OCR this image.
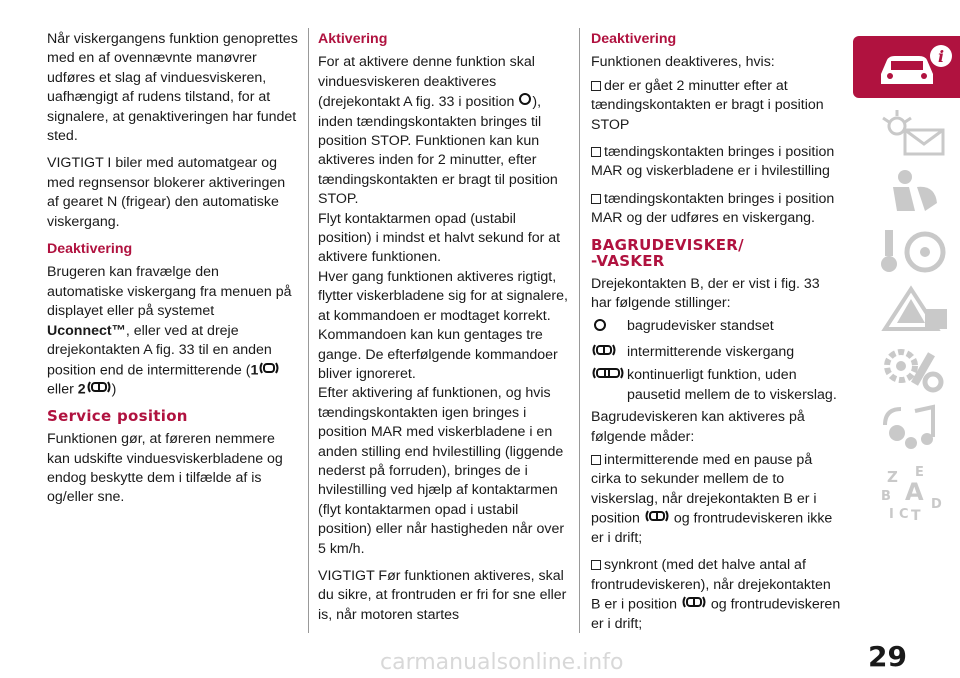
Når viskergangens funktion genoprettes med en af ovennævnte manøvrer udføres et slag af vinduesviskeren, uafhængigt af rudens tilstand, for at signalere, at genaktiveringen har fundet sted.

VIGTIGT I biler med automatgear og med regnsensor blokerer aktiveringen af gearet N (frigear) den automatiske viskergang.

Deaktivering

Brugeren kan fravælge den automatiske viskergang fra menuen på displayet eller på systemet Uconnect™, eller ved at dreje drejekontakten A fig. 33 til en anden position end de intermitterende (1
eller 2 )

Service position

Funktionen gør, at føreren nemmere kan udskifte vinduesviskerbladene og endog beskytte dem i tilfælde af is og/eller sne.

Aktivering

For at aktivere denne funktion skal vinduesviskeren deaktiveres (drejekontakt A fig. 33 i position ), inden tændingskontakten bringes til position STOP. Funktionen kan kun aktiveres inden for 2 minutter, efter tændingskontakten er bragt til position STOP.

Flyt kontaktarmen opad (ustabil position) i mindst et halvt sekund for at aktivere funktionen.

Hver gang funktionen aktiveres rigtigt, flytter viskerbladene sig for at signalere, at kommandoen er modtaget korrekt.

Kommandoen kan kun gentages tre gange. De efterfølgende kommandoer bliver ignoreret.

Efter aktivering af funktionen, og hvis tændingskontakten igen bringes i position MAR med viskerbladene i en anden stilling end hvilestilling (liggende nederst på forruden), bringes de i hvilestilling ved hjælp af kontaktarmen (flyt kontaktarmen opad i ustabil position) eller når hastigheden når over 5 km/h.

VIGTIGT Før funktionen aktiveres, skal du sikre, at frontruden er fri for sne eller is, når motoren startes

Deaktivering

Funktionen deaktiveres, hvis:

der er gået 2 minutter efter at tændingskontakten er bragt i position STOP

tændingskontakten bringes i position MAR og viskerbladene er i hvilestilling

tændingskontakten bringes i position MAR og der udføres en viskergang.

BAGRUDEVISKER/
-VASKER

Drejekontakten B, der er vist i fig. 33 har følgende stillinger:

bagrudevisker standset
intermitterende viskergang
kontinuerligt funktion, uden pausetid mellem de to viskerslag.

Bagrudeviskeren kan aktiveres på følgende måder:

intermitterende med en pause på cirka to sekunder mellem de to viskerslag, når drejekontakten B er i position og frontrudeviskeren ikke er i drift;

synkront (med det halve antal af frontrudeviskeren), når drejekontakten B er i position og frontrudeviskeren er i drift;

i
Z E
B A
I C T
D
carmanualsonline.info	29
